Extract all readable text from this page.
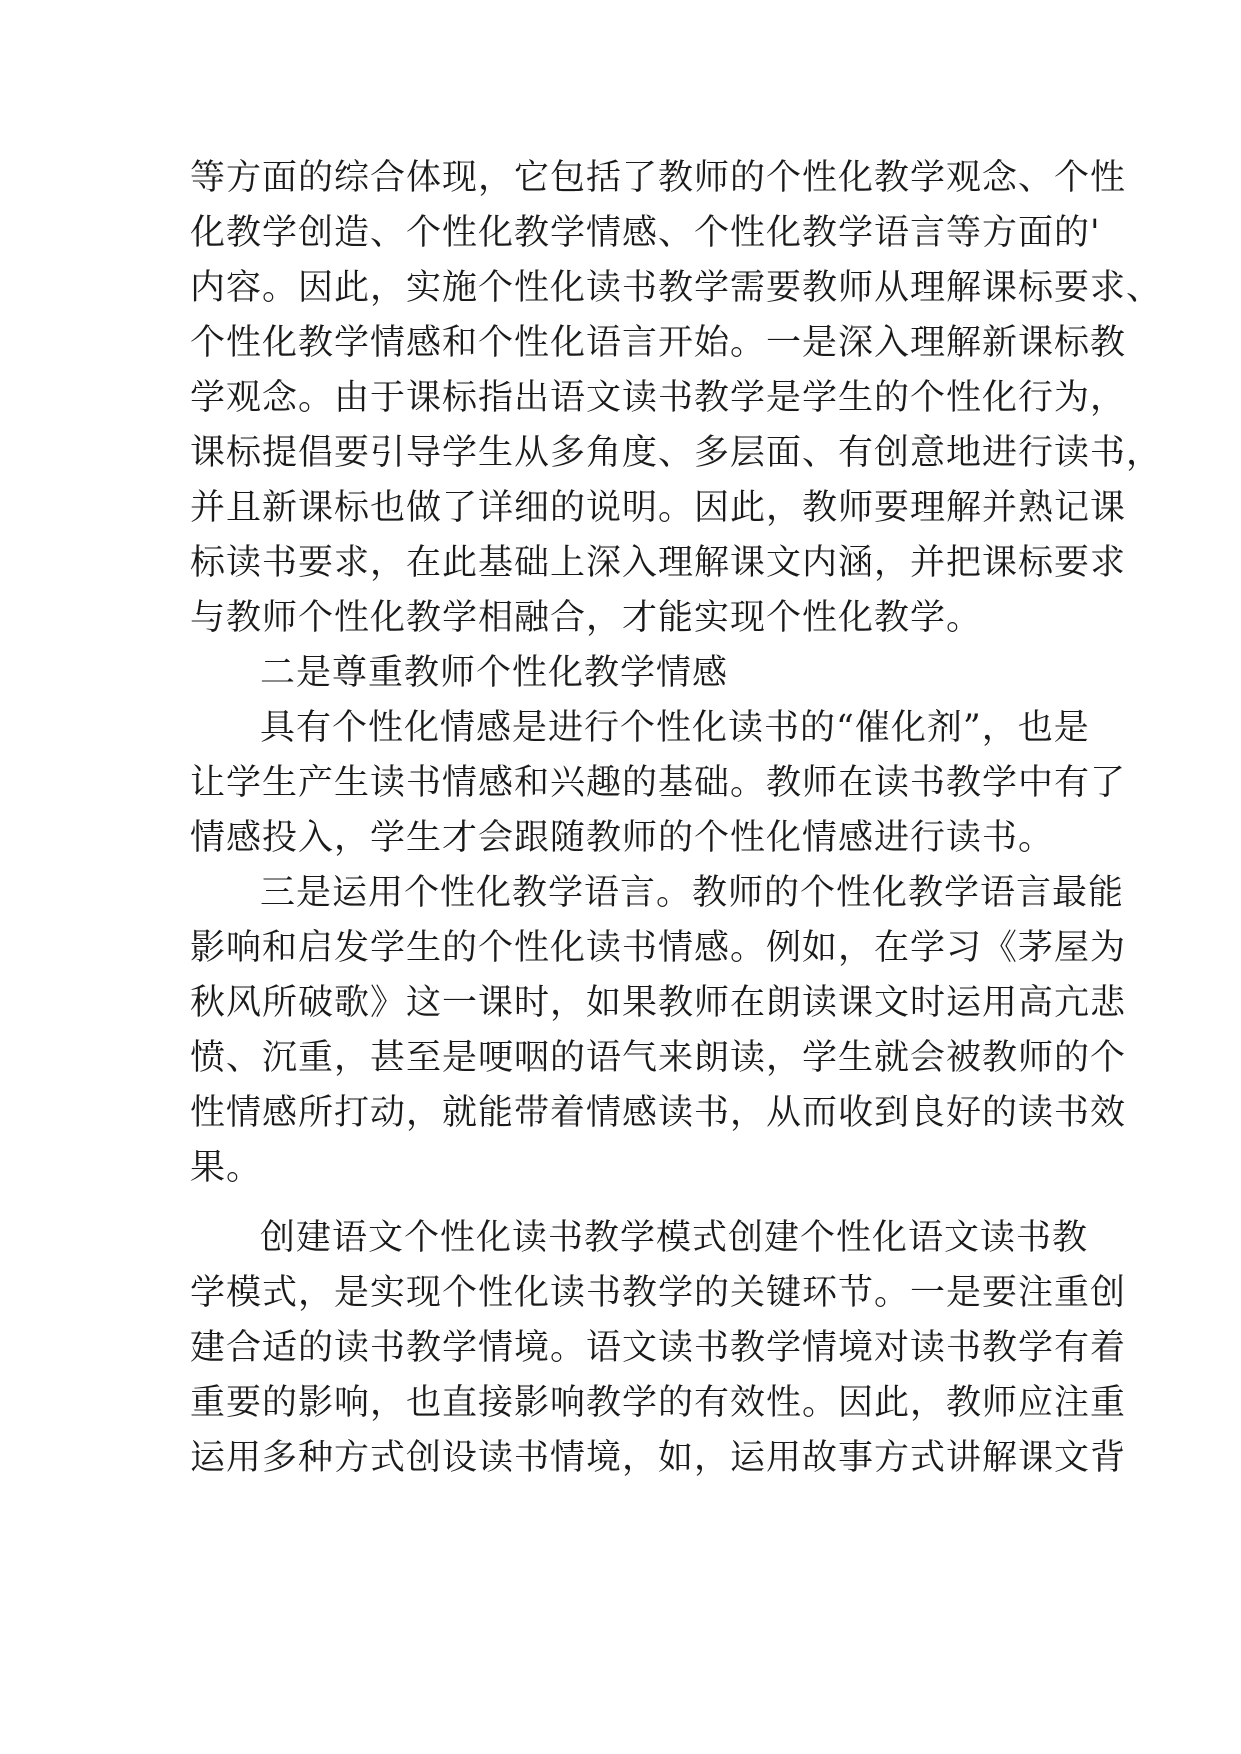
等方面的综合体现，它包括了教师的个性化教学观念、个性
化教学创造、个性化教学情感、个性化教学语言等方面的'
内容。因此，实施个性化读书教学需要教师从理解课标要求、
个性化教学情感和个性化语言开始。一是深入理解新课标教
学观念。由于课标指出语文读书教学是学生的个性化行为，
课标提倡要引导学生从多角度、多层面、有创意地进行读书，
并且新课标也做了详细的说明。因此，教师要理解并熟记课
标读书要求，在此基础上深入理解课文内涵，并把课标要求
与教师个性化教学相融合，才能实现个性化教学。
二是尊重教师个性化教学情感
具有个性化情感是进行个性化读书的“催化剂”，也是
让学生产生读书情感和兴趣的基础。教师在读书教学中有了
情感投入，学生才会跟随教师的个性化情感进行读书。
三是运用个性化教学语言。教师的个性化教学语言最能
影响和启发学生的个性化读书情感。例如，在学习《茅屋为
秋风所破歌》这一课时，如果教师在朗读课文时运用高亢悲
愤、沉重，甚至是哽咽的语气来朗读，学生就会被教师的个
性情感所打动，就能带着情感读书，从而收到良好的读书效
果。
创建语文个性化读书教学模式创建个性化语文读书教
学模式，是实现个性化读书教学的关键环节。一是要注重创
建合适的读书教学情境。语文读书教学情境对读书教学有着
重要的影响，也直接影响教学的有效性。因此，教师应注重
运用多种方式创设读书情境，如，运用故事方式讲解课文背
